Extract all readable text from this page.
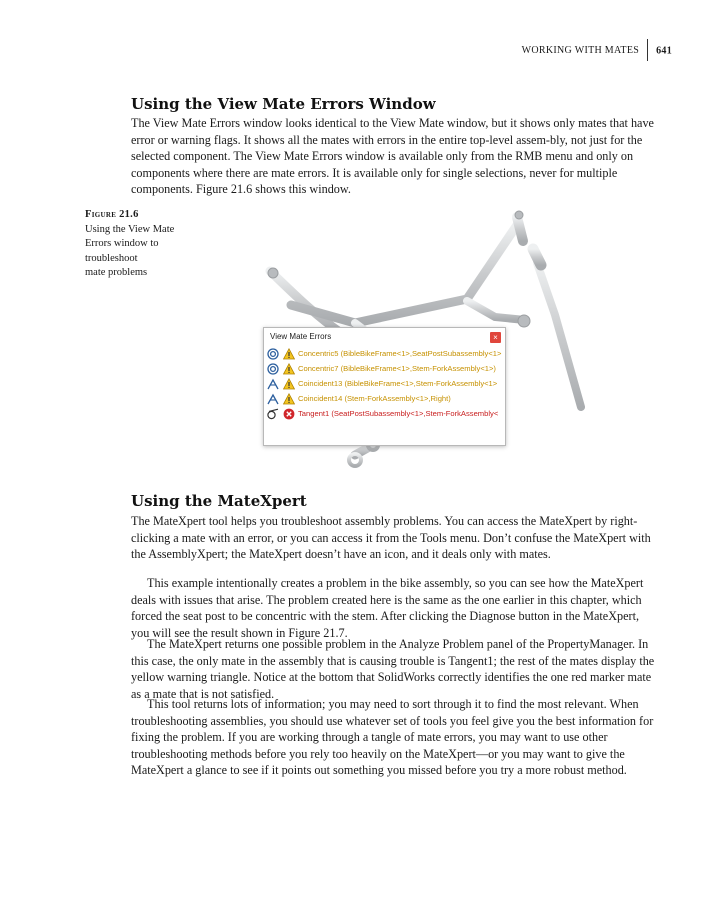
WORKING WITH MATES 641
Using the View Mate Errors Window

The View Mate Errors window looks identical to the View Mate window, but it shows only mates that have error or warning flags. It shows all the mates with errors in the entire top-level assem-bly, not just for the selected component. The View Mate Errors window is available only from the RMB menu and only on components where there are mate errors. It is available only for single selections, never for multiple components. Figure 21.6 shows this window.

Figure 21.6
Using the View Mate
Errors window to
troubleshoot
mate problems
View Mate Errors	×
Concentric5 (BibleBikeFrame<1>,SeatPostSubassembly<1>
Concentric7 (BibleBikeFrame<1>,Stem-ForkAssembly<1>)
Coincident13 (BibleBikeFrame<1>,Stem-ForkAssembly<1>
Coincident14 (Stem-ForkAssembly<1>,Right)
Tangent1 (SeatPostSubassembly<1>,Stem-ForkAssembly<
Using the MateXpert

The MateXpert tool helps you troubleshoot assembly problems. You can access the MateXpert by right-clicking a mate with an error, or you can access it from the Tools menu. Don’t confuse the MateXpert with the AssemblyXpert; the MateXpert doesn’t have an icon, and it deals only with mates.

This example intentionally creates a problem in the bike assembly, so you can see how the MateXpert deals with issues that arise. The problem created here is the same as the one earlier in this chapter, which forced the seat post to be concentric with the stem. After clicking the Diagnose button in the MateXpert, you will see the result shown in Figure 21.7.

The MateXpert returns one possible problem in the Analyze Problem panel of the PropertyManager. In this case, the only mate in the assembly that is causing trouble is Tangent1; the rest of the mates display the yellow warning triangle. Notice at the bottom that SolidWorks correctly identifies the one red marker mate as a mate that is not satisfied.

This tool returns lots of information; you may need to sort through it to find the most relevant. When troubleshooting assemblies, you should use whatever set of tools you feel give you the best information for fixing the problem. If you are working through a tangle of mate errors, you may want to use other troubleshooting methods before you rely too heavily on the MateXpert—or you may want to give the MateXpert a glance to see if it points out something you missed before you try a more robust method.
